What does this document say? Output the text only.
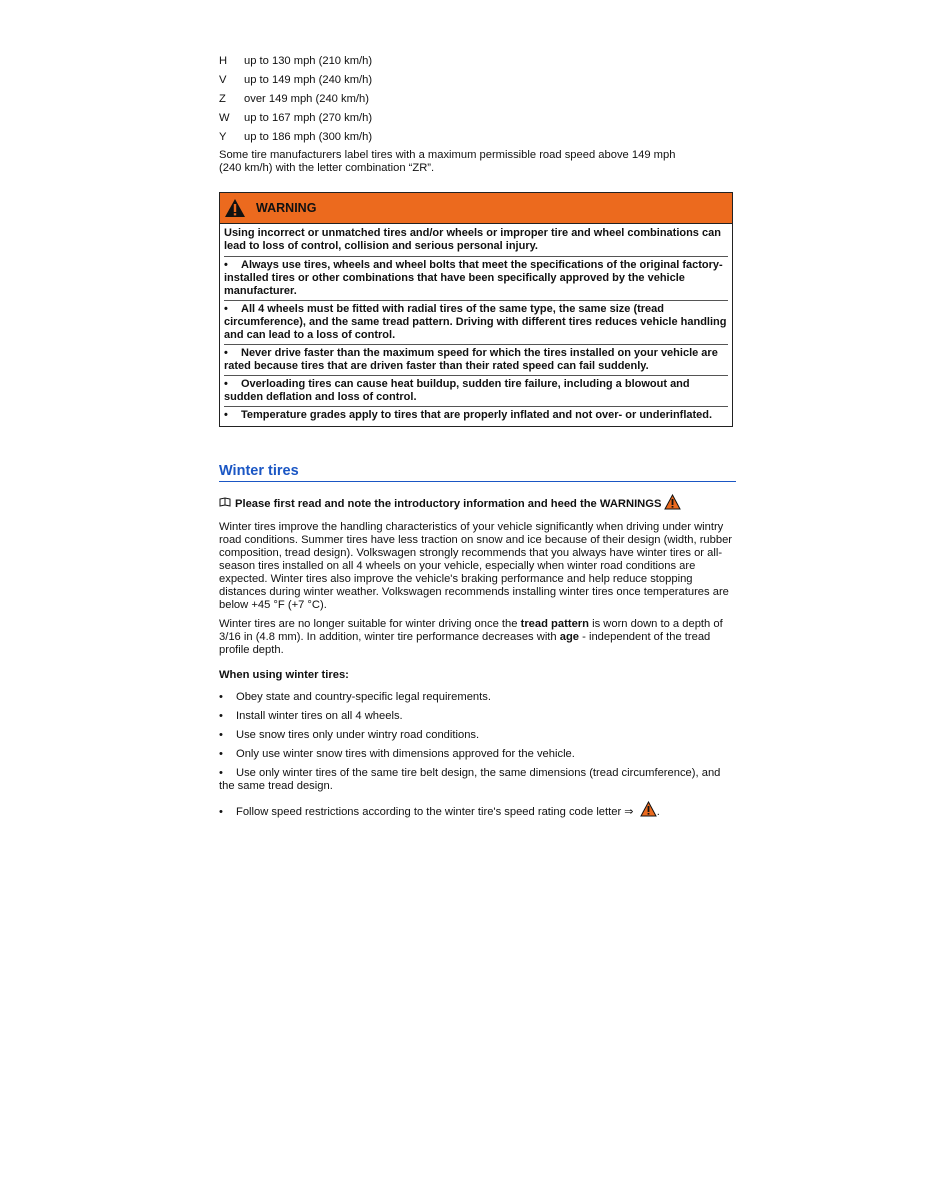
H	up to 130 mph (210 km/h)
V	up to 149 mph (240 km/h)
Z	over 149 mph (240 km/h)
W	up to 167 mph (270 km/h)
Y	up to 186 mph (300 km/h)
Some tire manufacturers label tires with a maximum permissible road speed above 149 mph
(240 km/h) with the letter combination “ZR”.
WARNING
Using incorrect or unmatched tires and/or wheels or improper tire and wheel combinations can lead to loss of control, collision and serious personal injury.
• Always use tires, wheels and wheel bolts that meet the specifications of the original factory-installed tires or other combinations that have been specifically approved by the vehicle manufacturer.
• All 4 wheels must be fitted with radial tires of the same type, the same size (tread circumference), and the same tread pattern. Driving with different tires reduces vehicle handling and can lead to a loss of control.
• Never drive faster than the maximum speed for which the tires installed on your vehicle are rated because tires that are driven faster than their rated speed can fail suddenly.
• Overloading tires can cause heat buildup, sudden tire failure, including a blowout and sudden deflation and loss of control.
• Temperature grades apply to tires that are properly inflated and not over- or underinflated.
Winter tires
Please first read and note the introductory information and heed the WARNINGS
Winter tires improve the handling characteristics of your vehicle significantly when driving under wintry road conditions. Summer tires have less traction on snow and ice because of their design (width, rubber composition, tread design). Volkswagen strongly recommends that you always have winter tires or all-season tires installed on all 4 wheels on your vehicle, especially when winter road conditions are expected. Winter tires also improve the vehicle's braking performance and help reduce stopping distances during winter weather. Volkswagen recommends installing winter tires once temperatures are below +45 °F (+7 °C).
Winter tires are no longer suitable for winter driving once the tread pattern is worn down to a depth of 3/16 in (4.8 mm). In addition, winter tire performance decreases with age - independent of the tread profile depth.
When using winter tires:
• Obey state and country-specific legal requirements.
• Install winter tires on all 4 wheels.
• Use snow tires only under wintry road conditions.
• Only use winter snow tires with dimensions approved for the vehicle.
• Use only winter tires of the same tire belt design, the same dimensions (tread circumference), and the same tread design.
• Follow speed restrictions according to the winter tire's speed rating code letter ⇒ .
